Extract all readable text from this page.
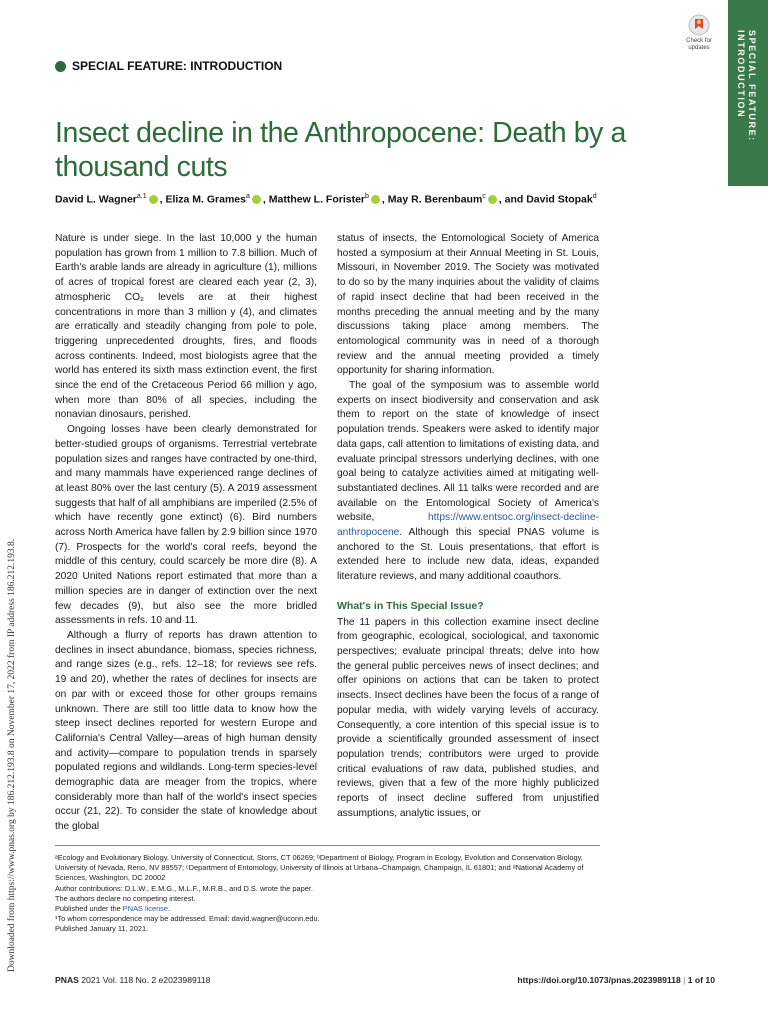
SPECIAL FEATURE: INTRODUCTION
Check for
updates
SPECIAL FEATURE: INTRODUCTION
Insect decline in the Anthropocene: Death by a thousand cuts
David L. Wagner$^{a,1}$ , Eliza M. Grames$^a$ , Matthew L. Forister$^b$ , May R. Berenbaum$^c$ , and David Stopak$^d$

Nature is under siege. In the last 10,000 y the human population has grown from 1 million to 7.8 billion. Much of Earth's arable lands are already in agriculture (1), millions of acres of tropical forest are cleared each year (2, 3), atmospheric CO₂ levels are at their highest concentrations in more than 3 million y (4), and climates are erratically and steadily changing from pole to pole, triggering unprecedented droughts, fires, and floods across continents. Indeed, most biologists agree that the world has entered its sixth mass extinction event, the first since the end of the Cretaceous Period 66 million y ago, when more than 80% of all species, including the nonavian dinosaurs, perished.

Ongoing losses have been clearly demonstrated for better-studied groups of organisms. Terrestrial vertebrate population sizes and ranges have contracted by one-third, and many mammals have experienced range declines of at least 80% over the last century (5). A 2019 assessment suggests that half of all amphibians are imperiled (2.5% of which have recently gone extinct) (6). Bird numbers across North America have fallen by 2.9 billion since 1970 (7). Prospects for the world's coral reefs, beyond the middle of this century, could scarcely be more dire (8). A 2020 United Nations report estimated that more than a million species are in danger of extinction over the next few decades (9), but also see the more bridled assessments in refs. 10 and 11.

Although a flurry of reports has drawn attention to declines in insect abundance, biomass, species richness, and range sizes (e.g., refs. 12–18; for reviews see refs. 19 and 20), whether the rates of declines for insects are on par with or exceed those for other groups remains unknown. There are still too little data to know how the steep insect declines reported for western Europe and California's Central Valley—areas of high human density and activity—compare to population trends in sparsely populated regions and wildlands. Long-term species-level demographic data are meager from the tropics, where considerably more than half of the world's insect species occur (21, 22). To consider the state of knowledge about the global

status of insects, the Entomological Society of America hosted a symposium at their Annual Meeting in St. Louis, Missouri, in November 2019. The Society was motivated to do so by the many inquiries about the validity of claims of rapid insect decline that had been received in the months preceding the annual meeting and by the many discussions taking place among members. The entomological community was in need of a thorough review and the annual meeting provided a timely opportunity for sharing information.

The goal of the symposium was to assemble world experts on insect biodiversity and conservation and ask them to report on the state of knowledge of insect population trends. Speakers were asked to identify major data gaps, call attention to limitations of existing data, and evaluate principal stressors underlying declines, with one goal being to catalyze activities aimed at mitigating well-substantiated declines. All 11 talks were recorded and are available on the Entomological Society of America's website, https://www.entsoc.org/insect-decline-anthropocene. Although this special PNAS volume is anchored to the St. Louis presentations, that effort is extended here to include new data, ideas, expanded literature reviews, and many additional coauthors.

What's in This Special Issue?

The 11 papers in this collection examine insect decline from geographic, ecological, sociological, and taxonomic perspectives; evaluate principal threats; delve into how the general public perceives news of insect declines; and offer opinions on actions that can be taken to protect insects. Insect declines have been the focus of a range of popular media, with widely varying levels of accuracy. Consequently, a core intention of this special issue is to provide a scientifically grounded assessment of insect population trends; contributors were urged to provide critical evaluations of raw data, published studies, and reviews, given that a few of the more highly publicized reports of insect decline suffered from unjustified assumptions, analytic issues, or

ᵃEcology and Evolutionary Biology, University of Connecticut, Storrs, CT 06269; ᵇDepartment of Biology, Program in Ecology, Evolution and Conservation Biology, University of Nevada, Reno, NV 89557; ᶜDepartment of Entomology, University of Illinois at Urbana–Champaign, Champaign, IL 61801; and ᵈNational Academy of Sciences, Washington, DC 20002
Author contributions: D.L.W., E.M.G., M.L.F., M.R.B., and D.S. wrote the paper.
The authors declare no competing interest.
Published under the PNAS license.
¹To whom correspondence may be addressed. Email: david.wagner@uconn.edu.
Published January 11, 2021.
Downloaded from https://www.pnas.org by 186.212.193.8 on November 17, 2022 from IP address 186.212.193.8.
PNAS 2021 Vol. 118 No. 2 e2023989118	https://doi.org/10.1073/pnas.2023989118 | 1 of 10
